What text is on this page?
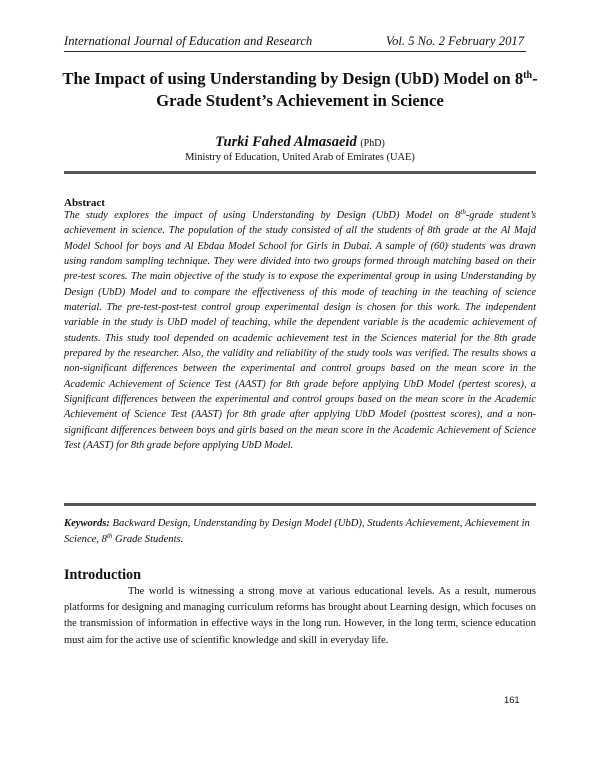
International Journal of Education and Research	Vol. 5 No. 2 February 2017
The Impact of using Understanding by Design (UbD) Model on 8th-
Grade Student’s Achievement in Science
Turki Fahed Almasaeid (PhD)
Ministry of Education, United Arab of Emirates (UAE)
Abstract
The study explores the impact of using Understanding by Design (UbD) Model on 8th-grade student’s achievement in science. The population of the study consisted of all the students of 8th grade at the Al Majd Model School for boys and Al Ebdaa Model School for Girls in Dubai. A sample of (60) students was drawn using random sampling technique. They were divided into two groups formed through matching based on their pre-test scores. The main objective of the study is to expose the experimental group in using Understanding by Design (UbD) Model and to compare the effectiveness of this mode of teaching in the teaching of science material. The pre-test-post-test control group experimental design is chosen for this work. The independent variable in the study is UbD model of teaching, while the dependent variable is the academic achievement of students. This study tool depended on academic achievement test in the Sciences material for the 8th grade prepared by the researcher. Also, the validity and reliability of the study tools was verified. The results shows a non-significant differences between the experimental and control groups based on the mean score in the Academic Achievement of Science Test (AAST) for 8th grade before applying UbD Model (pertest scores), a Significant differences between the experimental and control groups based on the mean score in the Academic Achievement of Science Test (AAST) for 8th grade after applying UbD Model (posttest scores), and a non-significant differences between boys and girls based on the mean score in the Academic Achievement of Science Test (AAST) for 8th grade before applying UbD Model.
Keywords: Backward Design, Understanding by Design Model (UbD), Students Achievement, Achievement in Science, 8th Grade Students.
Introduction
The world is witnessing a strong move at various educational levels. As a result, numerous platforms for designing and managing curriculum reforms has brought about Learning design, which focuses on the transmission of information in effective ways in the long run. However, in the long term, science education must aim for the active use of scientific knowledge and skill in everyday life.
161
